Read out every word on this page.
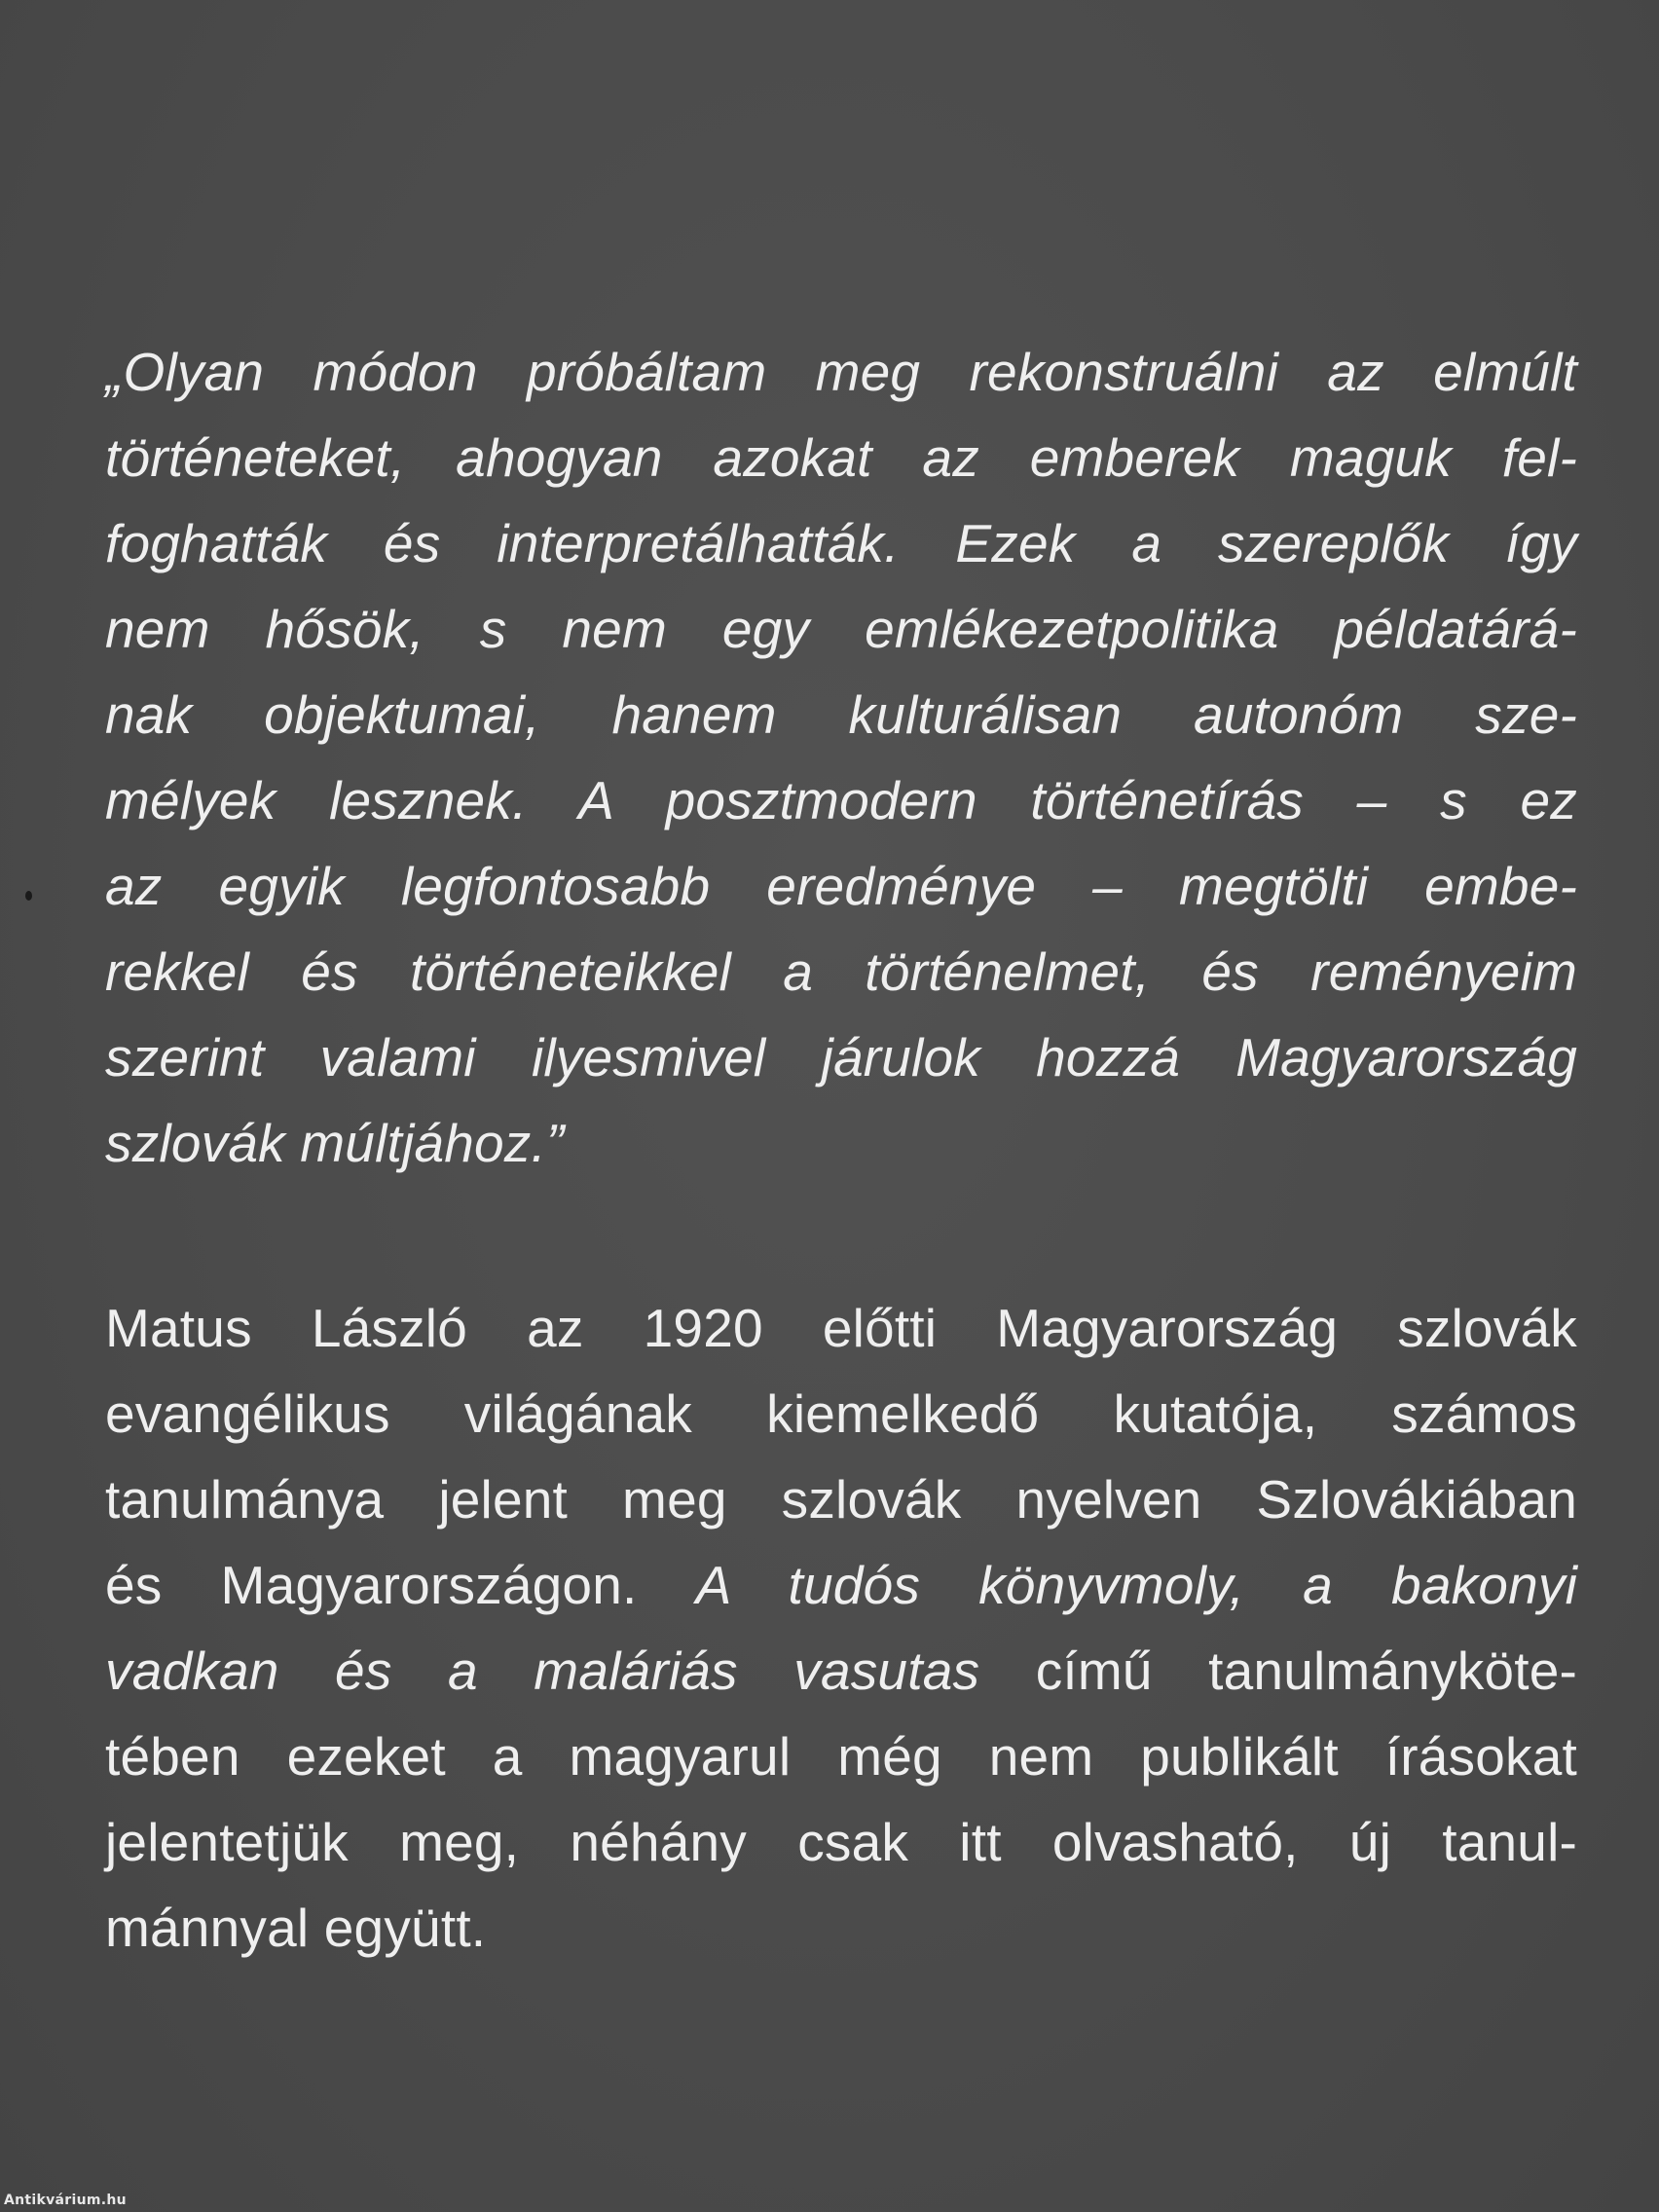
„Olyan módon próbáltam meg rekonstruálni az elmúlt
történeteket, ahogyan azokat az emberek maguk fel-
foghatták és interpretálhatták. Ezek a szereplők így
nem hősök, s nem egy emlékezetpolitika példatárá-
nak objektumai, hanem kulturálisan autonóm sze-
mélyek lesznek. A posztmodern történetírás – s ez
az egyik legfontosabb eredménye – megtölti embe-
rekkel és történeteikkel a történelmet, és reményeim
szerint valami ilyesmivel járulok hozzá Magyarország
szlovák múltjához.”
Matus László az 1920 előtti Magyarország szlovák
evangélikus világának kiemelkedő kutatója, számos
tanulmánya jelent meg szlovák nyelven Szlovákiában
és Magyarországon. A tudós könyvmoly, a bakonyi
vadkan és a maláriás vasutas című tanulmánykötе-
tében ezeket a magyarul még nem publikált írásokat
jelentetjük meg, néhány csak itt olvasható, új tanul-
mánnyal együtt.
Antikvárium.hu
